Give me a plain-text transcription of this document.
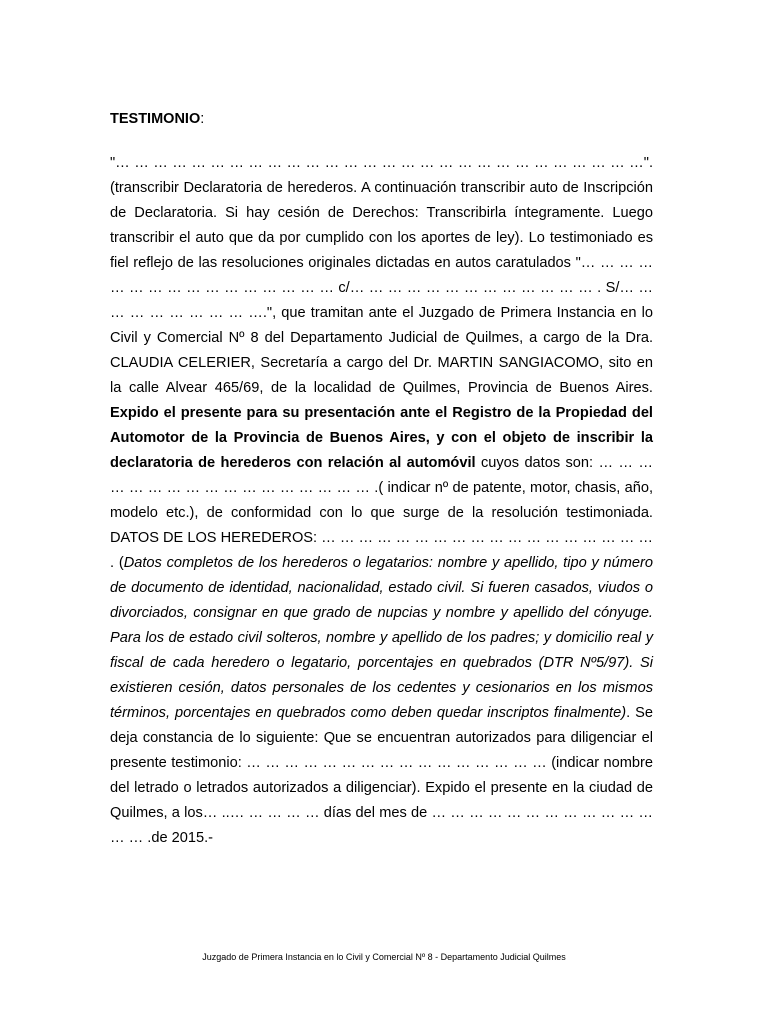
TESTIMONIO:

"… … … … … … … … … … … … … … … … … … … … … … … … … … … …".(transcribir Declaratoria de herederos. A continuación transcribir auto de Inscripción de Declaratoria. Si hay cesión de Derechos: Transcribirla íntegramente. Luego transcribir el auto que da por cumplido con los aportes de ley). Lo testimoniado es fiel reflejo de las resoluciones originales dictadas en autos caratulados "… … … … … … … … … … … … … … … … c/… … … … … … … … … … … … … . S/… … … … … … … … … ….", que tramitan ante el Juzgado de Primera Instancia en lo Civil y Comercial Nº 8 del Departamento Judicial de Quilmes, a cargo de la Dra. CLAUDIA CELERIER, Secretaría a cargo del Dr. MARTIN SANGIACOMO, sito en la calle Alvear 465/69, de la localidad de Quilmes, Provincia de Buenos Aires. Expido el presente para su presentación ante el Registro de la Propiedad del Automotor de la Provincia de Buenos Aires, y con el objeto de inscribir la declaratoria de herederos con relación al automóvil cuyos datos son: … … … … … … … … … … … … … … … … … .( indicar nº de patente, motor, chasis, año, modelo etc.), de conformidad con lo que surge de la resolución testimoniada. DATOS DE LOS HEREDEROS: … … … … … … … … … … … … … … … … … … . (Datos completos de los herederos o legatarios: nombre y apellido, tipo y número de documento de identidad, nacionalidad, estado civil. Si fueren casados, viudos o divorciados, consignar en que grado de nupcias y nombre y apellido del cónyuge. Para los de estado civil solteros, nombre y apellido de los padres; y domicilio real y fiscal de cada heredero o legatario, porcentajes en quebrados (DTR Nº5/97). Si existieren cesión, datos personales de los cedentes y cesionarios en los mismos términos, porcentajes en quebrados como deben quedar inscriptos finalmente). Se deja constancia de lo siguiente: Que se encuentran autorizados para diligenciar el presente testimonio: … … … … … … … … … … … … … … … … (indicar nombre del letrado o letrados autorizados a diligenciar). Expido el presente en la ciudad de Quilmes, a los… ..… … … … … días del mes de … … … … … … … … … … … … … … .de 2015.-

Juzgado de Primera Instancia en lo Civil y Comercial Nº 8 - Departamento Judicial Quilmes
